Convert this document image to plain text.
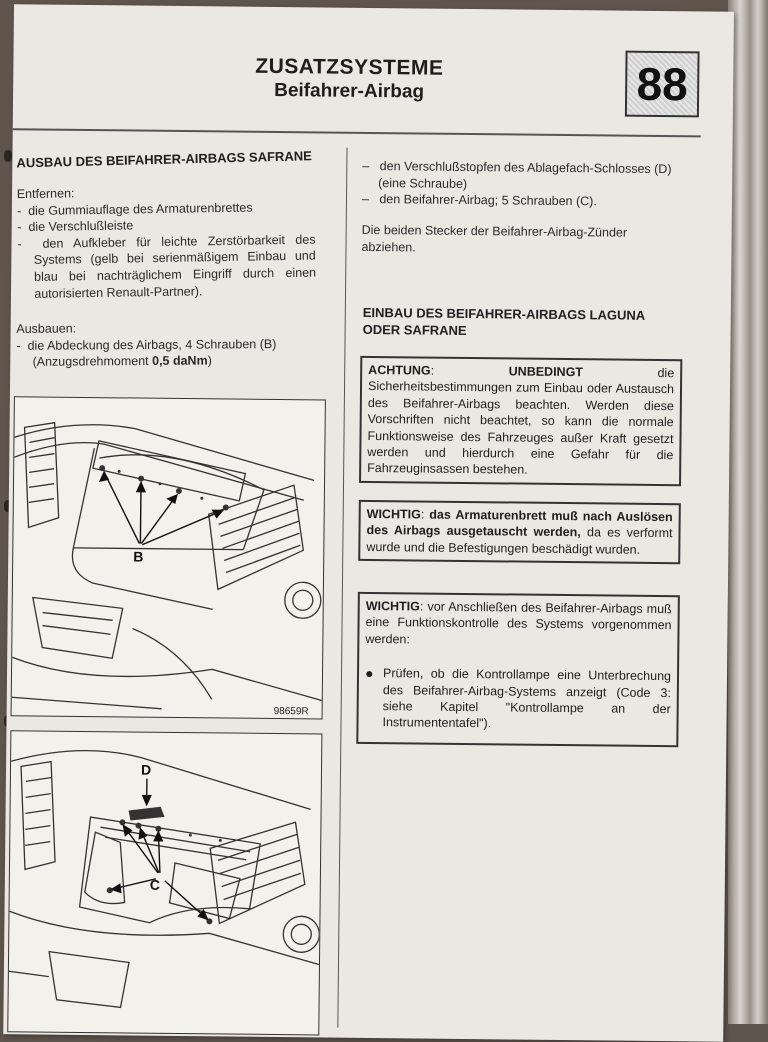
ZUSATZSYSTEME
Beifahrer-Airbag	88
AUSBAU DES BEIFAHRER-AIRBAGS SAFRANE

Entfernen:

-  die Gummiauflage des Armaturenbrettes

-  die Verschlußleiste

-  den Aufkleber für leichte Zerstörbarkeit des Systems (gelb bei serienmäßigem Einbau und blau bei nachträglichem Eingriff durch einen autorisierten Renault-Partner).

Ausbauen:

-  die Abdeckung des Airbags, 4 Schrauben (B) (Anzugsdrehmoment 0,5 daNm)

B
98659R
D
C

–   den Verschlußstopfen des Ablagefach-Schlosses (D) (eine Schraube)

–   den Beifahrer-Airbag; 5 Schrauben (C).

Die beiden Stecker der Beifahrer-Airbag-Zünder abziehen.

EINBAU DES BEIFAHRER-AIRBAGS LAGUNA ODER SAFRANE
ACHTUNG: UNBEDINGT	die Sicherheitsbestimmungen zum Einbau oder Austausch des Beifahrer-Airbags beachten. Werden diese Vorschriften nicht beachtet, so kann die normale Funktionsweise des Fahrzeuges außer Kraft gesetzt werden und hierdurch eine Gefahr für die Fahrzeuginsassen bestehen.
WICHTIG: das Armaturenbrett muß nach Auslösen des Airbags ausgetauscht werden, da es verformt wurde und die Befestigungen beschädigt wurden.
WICHTIG: vor Anschließen des Beifahrer-Airbags muß eine Funktionskontrolle des Systems vorgenommen werden:
● Prüfen, ob die Kontrollampe eine Unterbrechung des Beifahrer-Airbag-Systems anzeigt (Code 3: siehe Kapitel "Kontrollampe an der Instrumententafel").
